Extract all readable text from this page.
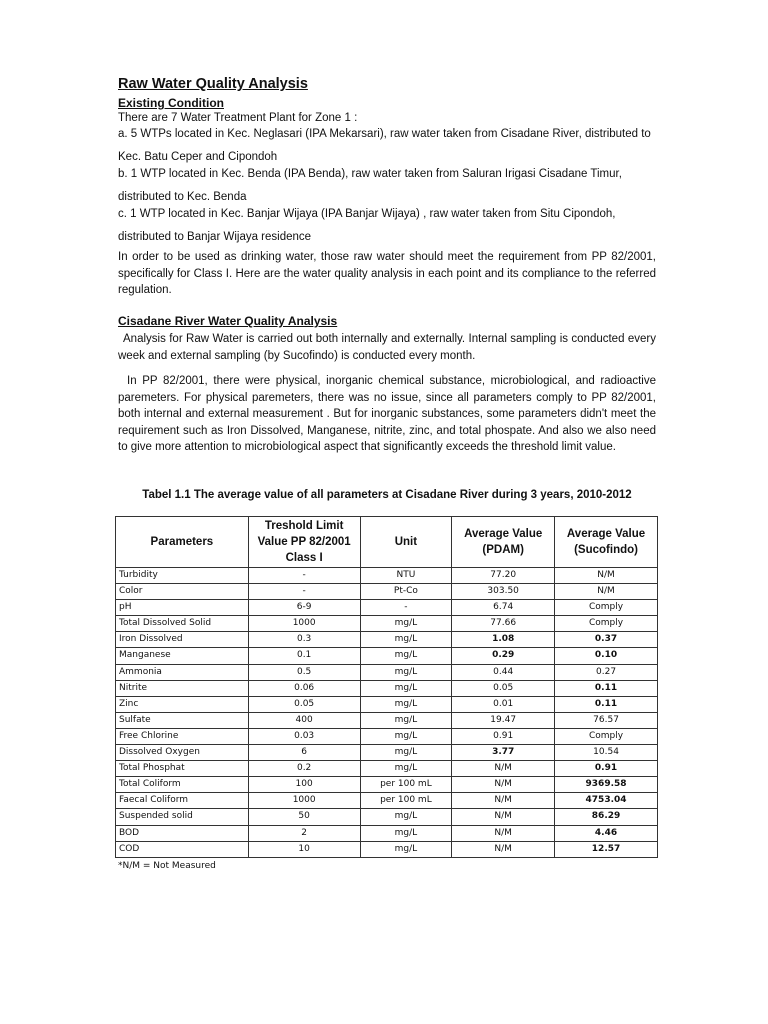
Raw Water Quality Analysis
Existing Condition
There are 7 Water Treatment Plant for Zone 1 :
a. 5 WTPs located in Kec. Neglasari (IPA Mekarsari), raw water taken from Cisadane River, distributed to
Kec. Batu Ceper and Cipondoh
b. 1 WTP located in Kec. Benda (IPA Benda), raw water taken from Saluran Irigasi Cisadane Timur,
distributed to Kec. Benda
c. 1 WTP located in Kec. Banjar Wijaya (IPA Banjar Wijaya) , raw water taken from Situ Cipondoh,
distributed to Banjar Wijaya residence
In order to be used as drinking water, those raw water should meet the requirement from PP 82/2001, specifically for Class I. Here are the water quality analysis in each point and its compliance to the referred regulation.
Cisadane River Water Quality Analysis
Analysis for Raw Water is carried out both internally and externally. Internal sampling is conducted every week and external sampling (by Sucofindo) is conducted every month.
In PP 82/2001, there were physical, inorganic chemical substance, microbiological, and radioactive paremeters. For physical paremeters, there was no issue, since all parameters comply to PP 82/2001, both internal and external measurement . But for inorganic substances, some parameters didn't meet the requirement such as Iron Dissolved, Manganese, nitrite, zinc, and total phospate. And also we also need to give more attention to microbiological aspect that significantly exceeds the threshold limit value.
Tabel 1.1 The average value of all parameters at Cisadane River during 3 years, 2010-2012
Parameters	Treshold Limit Value PP 82/2001 Class I	Unit	Average Value (PDAM)	Average Value (Sucofindo)
Turbidity	-	NTU	77.20	N/M
Color	-	Pt-Co	303.50	N/M
pH	6-9	-	6.74	Comply
Total Dissolved Solid	1000	mg/L	77.66	Comply
Iron Dissolved	0.3	mg/L	1.08	0.37
Manganese	0.1	mg/L	0.29	0.10
Ammonia	0.5	mg/L	0.44	0.27
Nitrite	0.06	mg/L	0.05	0.11
Zinc	0.05	mg/L	0.01	0.11
Sulfate	400	mg/L	19.47	76.57
Free Chlorine	0.03	mg/L	0.91	Comply
Dissolved Oxygen	6	mg/L	3.77	10.54
Total Phosphat	0.2	mg/L	N/M	0.91
Total Coliform	100	per 100 mL	N/M	9369.58
Faecal Coliform	1000	per 100 mL	N/M	4753.04
Suspended solid	50	mg/L	N/M	86.29
BOD	2	mg/L	N/M	4.46
COD	10	mg/L	N/M	12.57
*N/M = Not Measured
